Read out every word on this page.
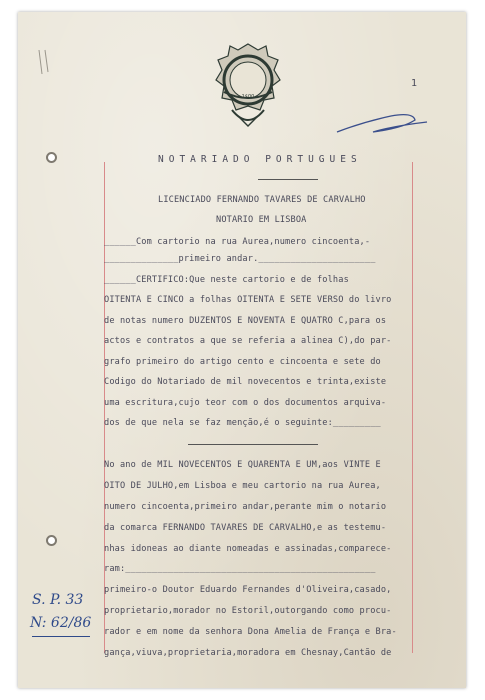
1$00
1
NOTARIADO PORTUGUES
LICENCIADO FERNANDO TAVARES DE CARVALHO
NOTARIO EM LISBOA
______Com cartorio na rua Aurea,numero cincoenta,-
______________primeiro andar.______________________
______CERTIFICO:Que neste cartorio e de folhas
OITENTA E CINCO a folhas OITENTA E SETE VERSO do livro
de notas numero DUZENTOS E NOVENTA E QUATRO C,para os
actos e contratos a que se referia a alinea C),do par-
grafo primeiro do artigo cento e cincoenta e sete do
Codigo do Notariado de mil novecentos e trinta,existe
uma escritura,cujo teor com o dos documentos arquiva-
dos de que nela se faz menção,é o seguinte:_________
No ano de MIL NOVECENTOS E QUARENTA E UM,aos VINTE E
OITO DE JULHO,em Lisboa e meu cartorio na rua Aurea,
numero cincoenta,primeiro andar,perante mim o notario
da comarca FERNANDO TAVARES DE CARVALHO,e as testemu-
nhas idoneas ao diante nomeadas e assinadas,comparece-
ram:_______________________________________________
primeiro-o Doutor Eduardo Fernandes d'Oliveira,casado,
proprietario,morador no Estoril,outorgando como procu-
rador e em nome da senhora Dona Amelia de França e Bra-
gança,viuva,proprietaria,moradora em Chesnay,Cantão de
S. P. 33
N: 62/86
